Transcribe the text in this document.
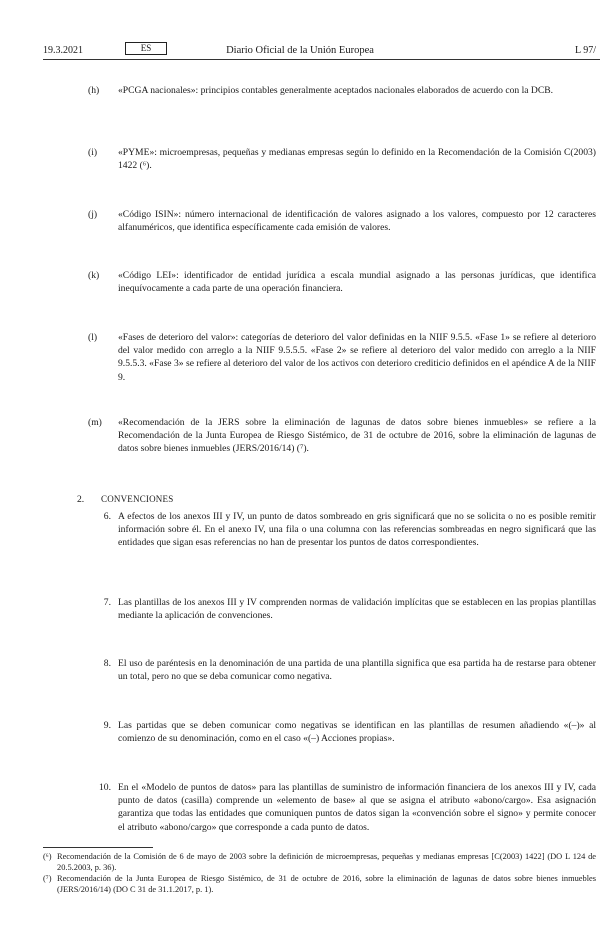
19.3.2021	ES	Diario Oficial de la Unión Europea	L 97/
(h) «PCGA nacionales»: principios contables generalmente aceptados nacionales elaborados de acuerdo con la DCB.
(i) «PYME»: microempresas, pequeñas y medianas empresas según lo definido en la Recomendación de la Comisión C(2003) 1422 (⁶).
(j) «Código ISIN»: número internacional de identificación de valores asignado a los valores, compuesto por 12 caracteres alfanuméricos, que identifica específicamente cada emisión de valores.
(k) «Código LEI»: identificador de entidad jurídica a escala mundial asignado a las personas jurídicas, que identifica inequívocamente a cada parte de una operación financiera.
(l) «Fases de deterioro del valor»: categorías de deterioro del valor definidas en la NIIF 9.5.5. «Fase 1» se refiere al deterioro del valor medido con arreglo a la NIIF 9.5.5.5. «Fase 2» se refiere al deterioro del valor medido con arreglo a la NIIF 9.5.5.3. «Fase 3» se refiere al deterioro del valor de los activos con deterioro crediticio definidos en el apéndice A de la NIIF 9.
(m) «Recomendación de la JERS sobre la eliminación de lagunas de datos sobre bienes inmuebles» se refiere a la Recomendación de la Junta Europea de Riesgo Sistémico, de 31 de octubre de 2016, sobre la eliminación de lagunas de datos sobre bienes inmuebles (JERS/2016/14) (⁷).
2. CONVENCIONES
6. A efectos de los anexos III y IV, un punto de datos sombreado en gris significará que no se solicita o no es posible remitir información sobre él. En el anexo IV, una fila o una columna con las referencias sombreadas en negro significará que las entidades que sigan esas referencias no han de presentar los puntos de datos correspondientes.
7. Las plantillas de los anexos III y IV comprenden normas de validación implícitas que se establecen en las propias plantillas mediante la aplicación de convenciones.
8. El uso de paréntesis en la denominación de una partida de una plantilla significa que esa partida ha de restarse para obtener un total, pero no que se deba comunicar como negativa.
9. Las partidas que se deben comunicar como negativas se identifican en las plantillas de resumen añadiendo «(–)» al comienzo de su denominación, como en el caso «(–) Acciones propias».
10. En el «Modelo de puntos de datos» para las plantillas de suministro de información financiera de los anexos III y IV, cada punto de datos (casilla) comprende un «elemento de base» al que se asigna el atributo «abono/cargo». Esa asignación garantiza que todas las entidades que comuniquen puntos de datos sigan la «convención sobre el signo» y permite conocer el atributo «abono/cargo» que corresponde a cada punto de datos.
(⁶) Recomendación de la Comisión de 6 de mayo de 2003 sobre la definición de microempresas, pequeñas y medianas empresas [C(2003) 1422] (DO L 124 de 20.5.2003, p. 36).
(⁷) Recomendación de la Junta Europea de Riesgo Sistémico, de 31 de octubre de 2016, sobre la eliminación de lagunas de datos sobre bienes inmuebles (JERS/2016/14) (DO C 31 de 31.1.2017, p. 1).
